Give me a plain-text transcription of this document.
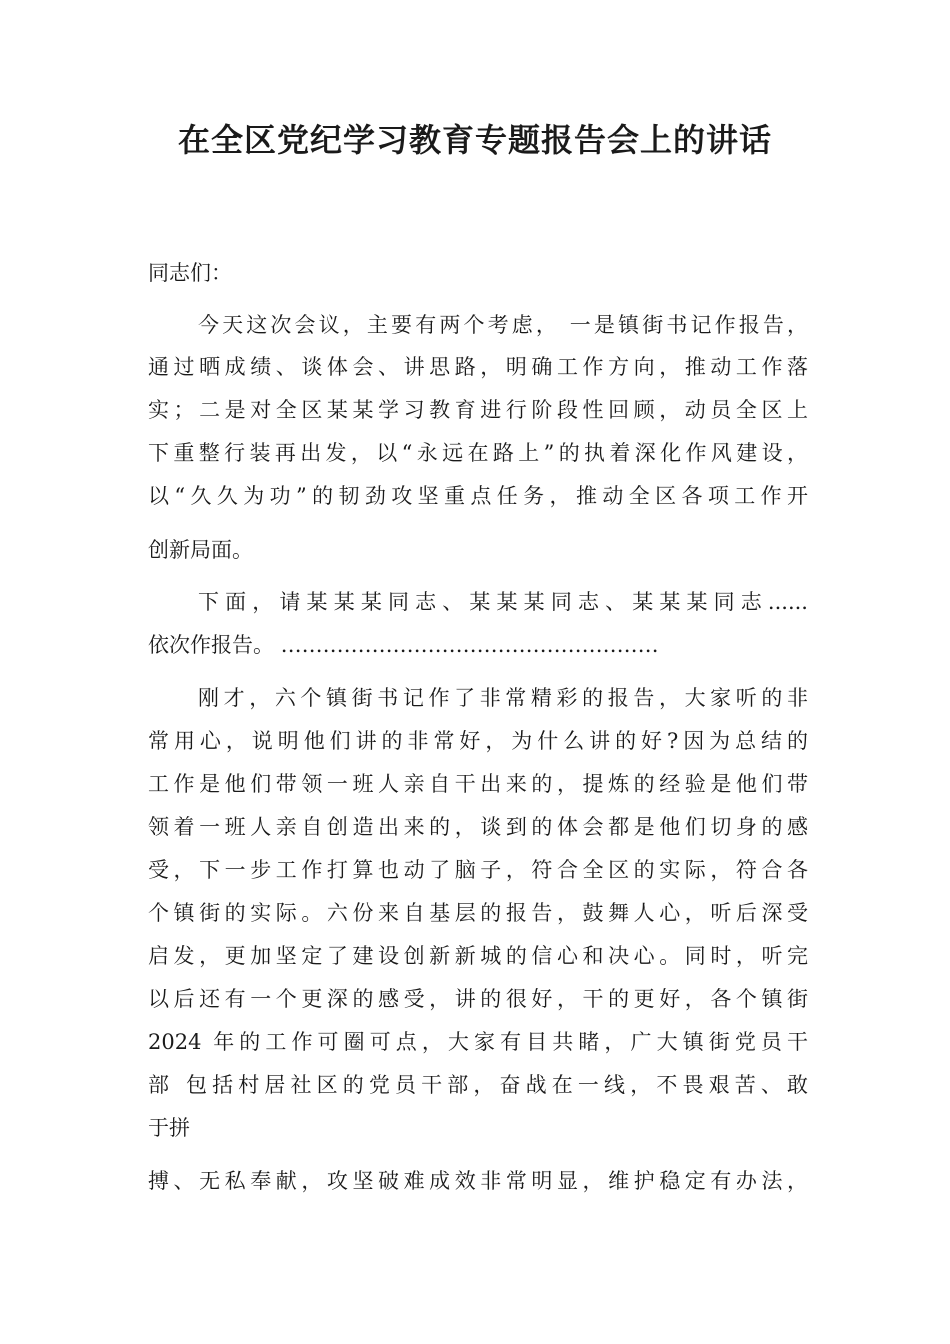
在全区党纪学习教育专题报告会上的讲话

同志们：

今天这次会议，主要有两个考虑， 一是镇街书记作报告，

通过晒成绩、谈体会、讲思路，明确工作方向，推动工作落

实；二是对全区某某学习教育进行阶段性回顾，动员全区上

下重整行装再出发，以“永远在路上”的执着深化作风建设，

以“久久为功”的韧劲攻坚重点任务，推动全区各项工作开

创新局面。

下面，请某某某同志、某某某同志、某某某同志......

依次作报告。 ………………………………………………

刚才，六个镇街书记作了非常精彩的报告，大家听的非

常用心，说明他们讲的非常好，为什么讲的好?因为总结的

工作是他们带领一班人亲自干出来的，提炼的经验是他们带

领着一班人亲自创造出来的，谈到的体会都是他们切身的感

受，下一步工作打算也动了脑子，符合全区的实际，符合各

个镇街的实际。六份来自基层的报告，鼓舞人心，听后深受

启发，更加坚定了建设创新新城的信心和决心。同时，听完

以后还有一个更深的感受，讲的很好，干的更好，各个镇街

2024 年的工作可圈可点，大家有目共睹，广大镇街党员干

部 包括村居社区的党员干部，奋战在一线，不畏艰苦、敢

于拼

搏、无私奉献，攻坚破难成效非常明显，维护稳定有办法，
